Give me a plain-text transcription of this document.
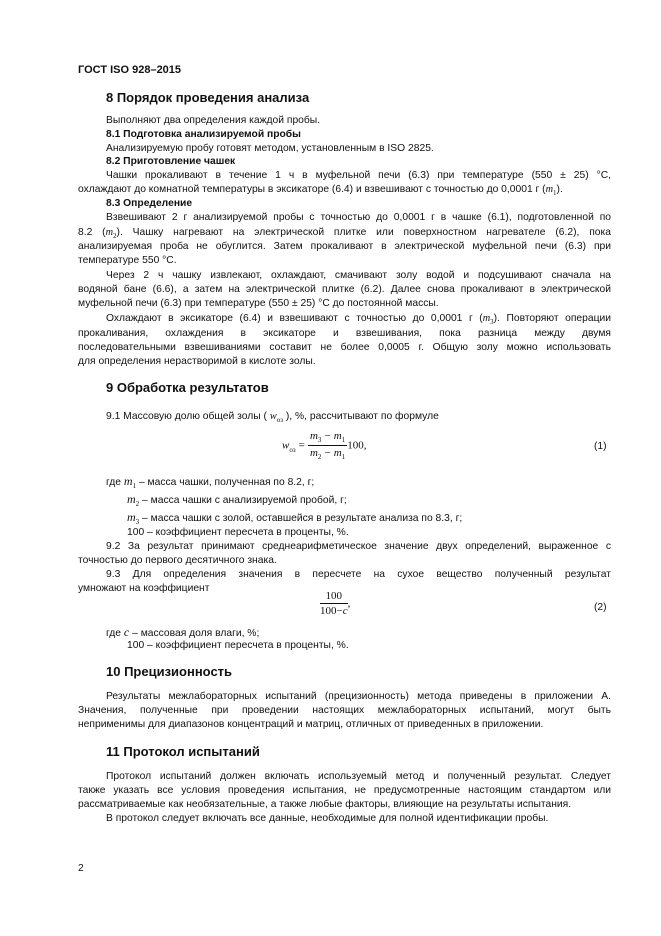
ГОСТ ISO 928–2015
8 Порядок проведения анализа
Выполняют два определения каждой пробы.
8.1 Подготовка анализируемой пробы
Анализируемую пробу готовят методом, установленным в ISO 2825.
8.2 Приготовление чашек
Чашки прокаливают в течение 1 ч в муфельной печи (6.3) при температуре (550 ± 25) °С,
охлаждают до комнатной температуры в эксикаторе (6.4) и взвешивают с точностью до 0,0001 г $(m_1)$.
8.3 Определение
Взвешивают 2 г анализируемой пробы с точностью до 0,0001 г в чашке (6.1), подготовленной по
8.2 $(m_2)$. Чашку нагревают на электрической плитке или поверхностном нагревателе (6.2), пока
анализируемая проба не обуглится. Затем прокаливают в электрической муфельной печи (6.3) при
температуре 550 °С.
Через 2 ч чашку извлекают, охлаждают, смачивают золу водой и подсушивают сначала на
водяной бане (6.6), а затем на электрической плитке (6.2). Далее снова прокаливают в электрической
муфельной печи (6.3) при температуре (550 ± 25) °С до постоянной массы.
Охлаждают в эксикаторе (6.4) и взвешивают с точностью до 0,0001 г $(m_3)$. Повторяют операции
прокаливания, охлаждения в эксикаторе и взвешивания, пока разница между двумя
последовательными взвешиваниями составит не более 0,0005 г. Общую золу можно использовать
для определения нерастворимой в кислоте золы.
9 Обработка результатов
9.1 Массовую долю общей золы ( $w_{оз}$ ), %, рассчитывают по формуле
$w_{оз} = \frac{m_3 - m_1}{m_2 - m_1} 100$,	(1)
где $m_1$ – масса чашки, полученная по 8.2, г;
$m_2$ – масса чашки с анализируемой пробой, г;
$m_3$ – масса чашки с золой, оставшейся в результате анализа по 8.3, г;
100 – коэффициент пересчета в проценты, %.
9.2 За результат принимают среднеарифметическое значение двух определений, выраженное с
точностью до первого десятичного знака.
9.3 Для определения значения в пересчете на сухое вещество полученный результат
умножают на коэффициент
$\frac{100}{100-c}$ ,	(2)
где c – массовая доля влаги, %;
100 – коэффициент пересчета в проценты, %.
10 Прецизионность
Результаты межлабораторных испытаний (прецизионность) метода приведены в приложении А.
Значения, полученные при проведении настоящих межлабораторных испытаний, могут быть
неприменимы для диапазонов концентраций и матриц, отличных от приведенных в приложении.
11 Протокол испытаний
Протокол испытаний должен включать используемый метод и полученный результат. Следует
также указать все условия проведения испытания, не предусмотренные настоящим стандартом или
рассматриваемые как необязательные, а также любые факторы, влияющие на результаты испытания.
В протокол следует включать все данные, необходимые для полной идентификации пробы.
2
